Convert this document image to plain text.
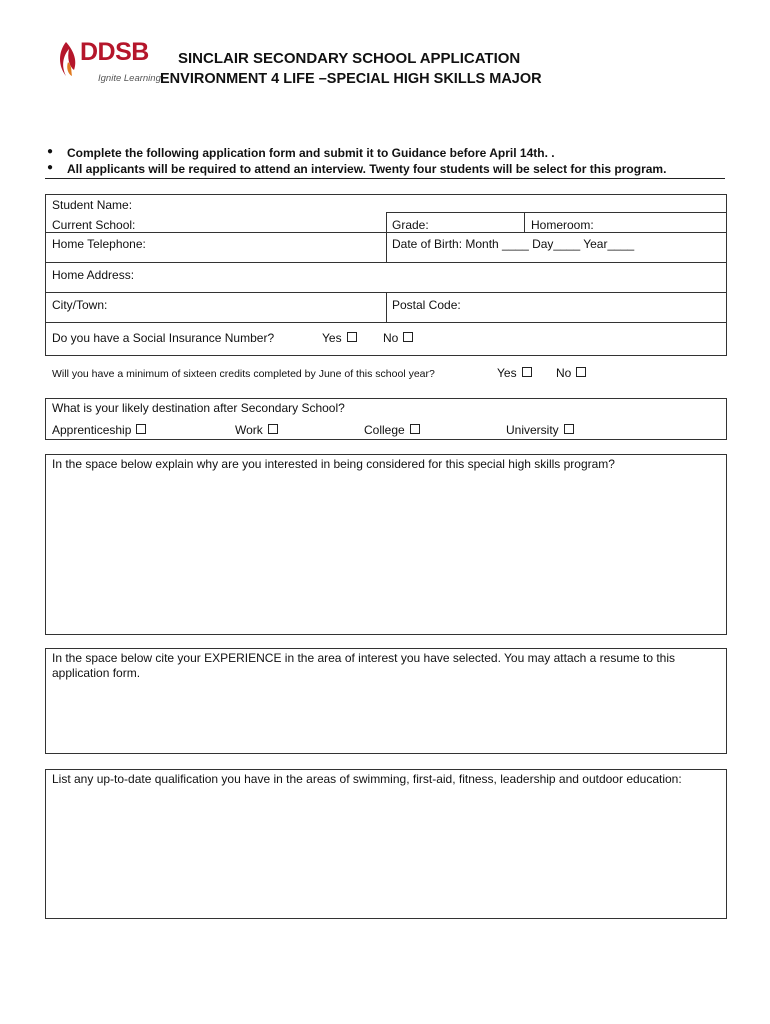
DDSB
Ignite Learning
SINCLAIR SECONDARY SCHOOL APPLICATION
ENVIRONMENT 4 LIFE –SPECIAL HIGH SKILLS MAJOR
● Complete the following application form and submit it to Guidance before April 14th. .
● All applicants will be required to attend an interview. Twenty four students will be select for this program.
Student Name:
Current School:	Grade:	Homeroom:
Home Telephone:	Date of Birth: Month ____ Day____ Year____
Home Address:
City/Town:	Postal Code:
Do you have a Social Insurance Number?	Yes	No
Will you have a minimum of sixteen credits completed by June of this school year?	Yes	No
What is your likely destination after Secondary School?
Apprenticeship	Work	College	University
In the space below explain why are you interested in being considered for this special high skills program?
In the space below cite your EXPERIENCE in the area of interest you have selected. You may attach a resume to this application form.
List any up-to-date qualification you have in the areas of swimming, first-aid, fitness, leadership and outdoor education:
